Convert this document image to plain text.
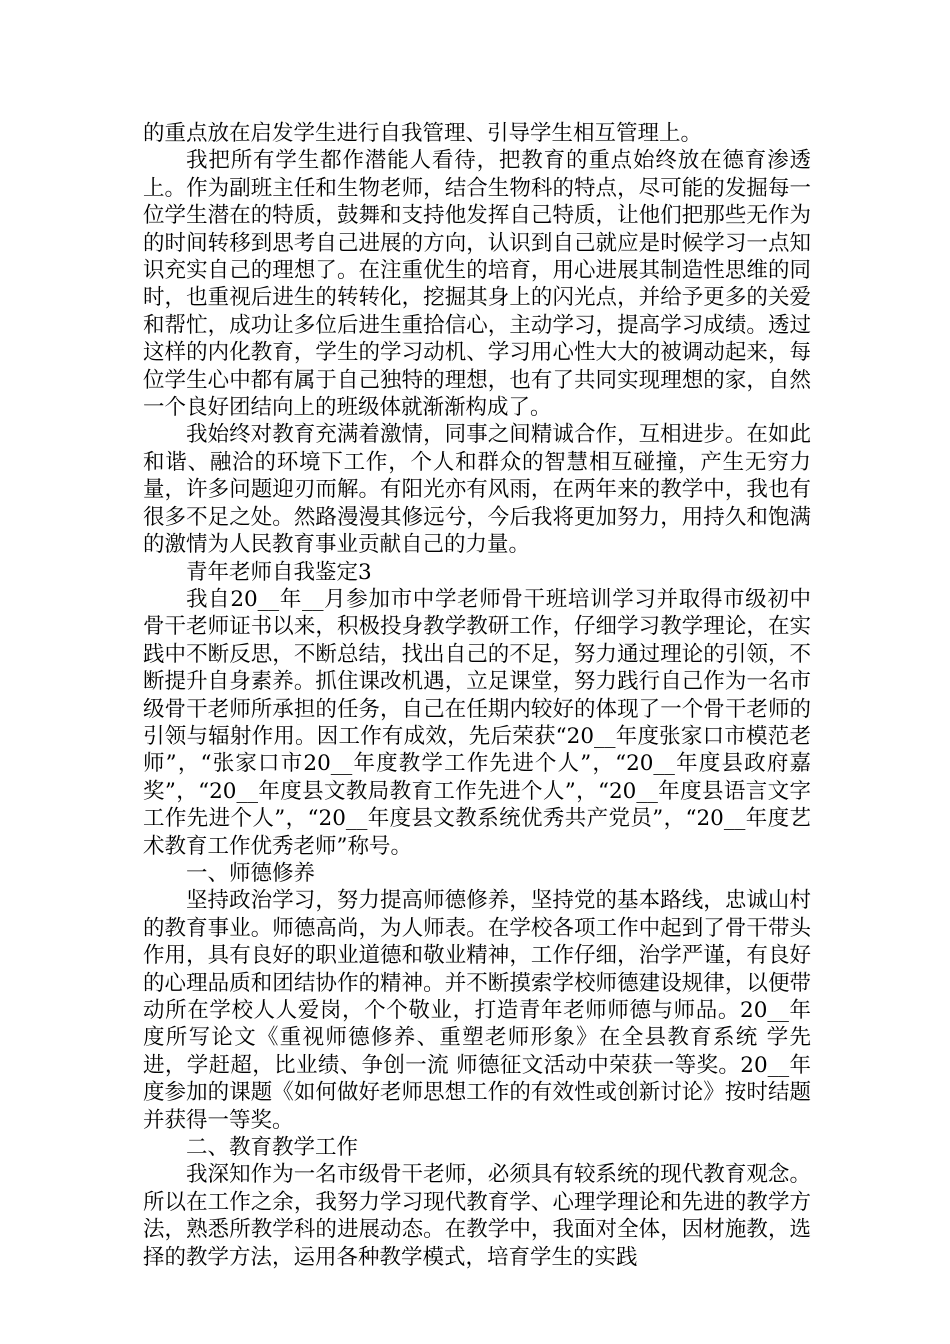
的重点放在启发学生进行自我管理、引导学生相互管理上。

我把所有学生都作潜能人看待，把教育的重点始终放在德育渗透上。作为副班主任和生物老师，结合生物科的特点，尽可能的发掘每一位学生潜在的特质，鼓舞和支持他发挥自己特质，让他们把那些无作为的时间转移到思考自己进展的方向，认识到自己就应是时候学习一点知识充实自己的理想了。在注重优生的培育，用心进展其制造性思维的同时，也重视后进生的转转化，挖掘其身上的闪光点，并给予更多的关爱和帮忙，成功让多位后进生重拾信心，主动学习，提高学习成绩。透过这样的内化教育，学生的学习动机、学习用心性大大的被调动起来，每位学生心中都有属于自己独特的理想，也有了共同实现理想的家，自然一个良好团结向上的班级体就渐渐构成了。

我始终对教育充满着激情，同事之间精诚合作，互相进步。在如此和谐、融洽的环境下工作，个人和群众的智慧相互碰撞，产生无穷力量，许多问题迎刃而解。有阳光亦有风雨，在两年来的教学中，我也有很多不足之处。然路漫漫其修远兮，今后我将更加努力，用持久和饱满的激情为人民教育事业贡献自己的力量。

青年老师自我鉴定3

我自20__年__月参加市中学老师骨干班培训学习并取得市级初中骨干老师证书以来，积极投身教学教研工作，仔细学习教学理论，在实践中不断反思，不断总结，找出自己的不足，努力通过理论的引领，不断提升自身素养。抓住课改机遇，立足课堂，努力践行自己作为一名市级骨干老师所承担的任务，自己在任期内较好的体现了一个骨干老师的引领与辐射作用。因工作有成效，先后荣获“20__年度张家口市模范老师”，“张家口市20__年度教学工作先进个人”，“20__年度县政府嘉奖”，“20__年度县文教局教育工作先进个人”，“20__年度县语言文字工作先进个人”，“20__年度县文教系统优秀共产党员”，“20__年度艺术教育工作优秀老师”称号。

一、师德修养

坚持政治学习，努力提高师德修养，坚持党的基本路线，忠诚山村的教育事业。师德高尚，为人师表。在学校各项工作中起到了骨干带头作用，具有良好的职业道德和敬业精神，工作仔细，治学严谨，有良好的心理品质和团结协作的精神。并不断摸索学校师德建设规律，以便带动所在学校人人爱岗，个个敬业，打造青年老师师德与师品。20__年度所写论文《重视师德修养、重塑老师形象》在全县教育系统 学先进，学赶超，比业绩、争创一流 师德征文活动中荣获一等奖。20__年度参加的课题《如何做好老师思想工作的有效性或创新讨论》按时结题并获得一等奖。

二、教育教学工作

我深知作为一名市级骨干老师，必须具有较系统的现代教育观念。所以在工作之余，我努力学习现代教育学、心理学理论和先进的教学方法，熟悉所教学科的进展动态。在教学中，我面对全体，因材施教，选择的教学方法，运用各种教学模式，培育学生的实践
